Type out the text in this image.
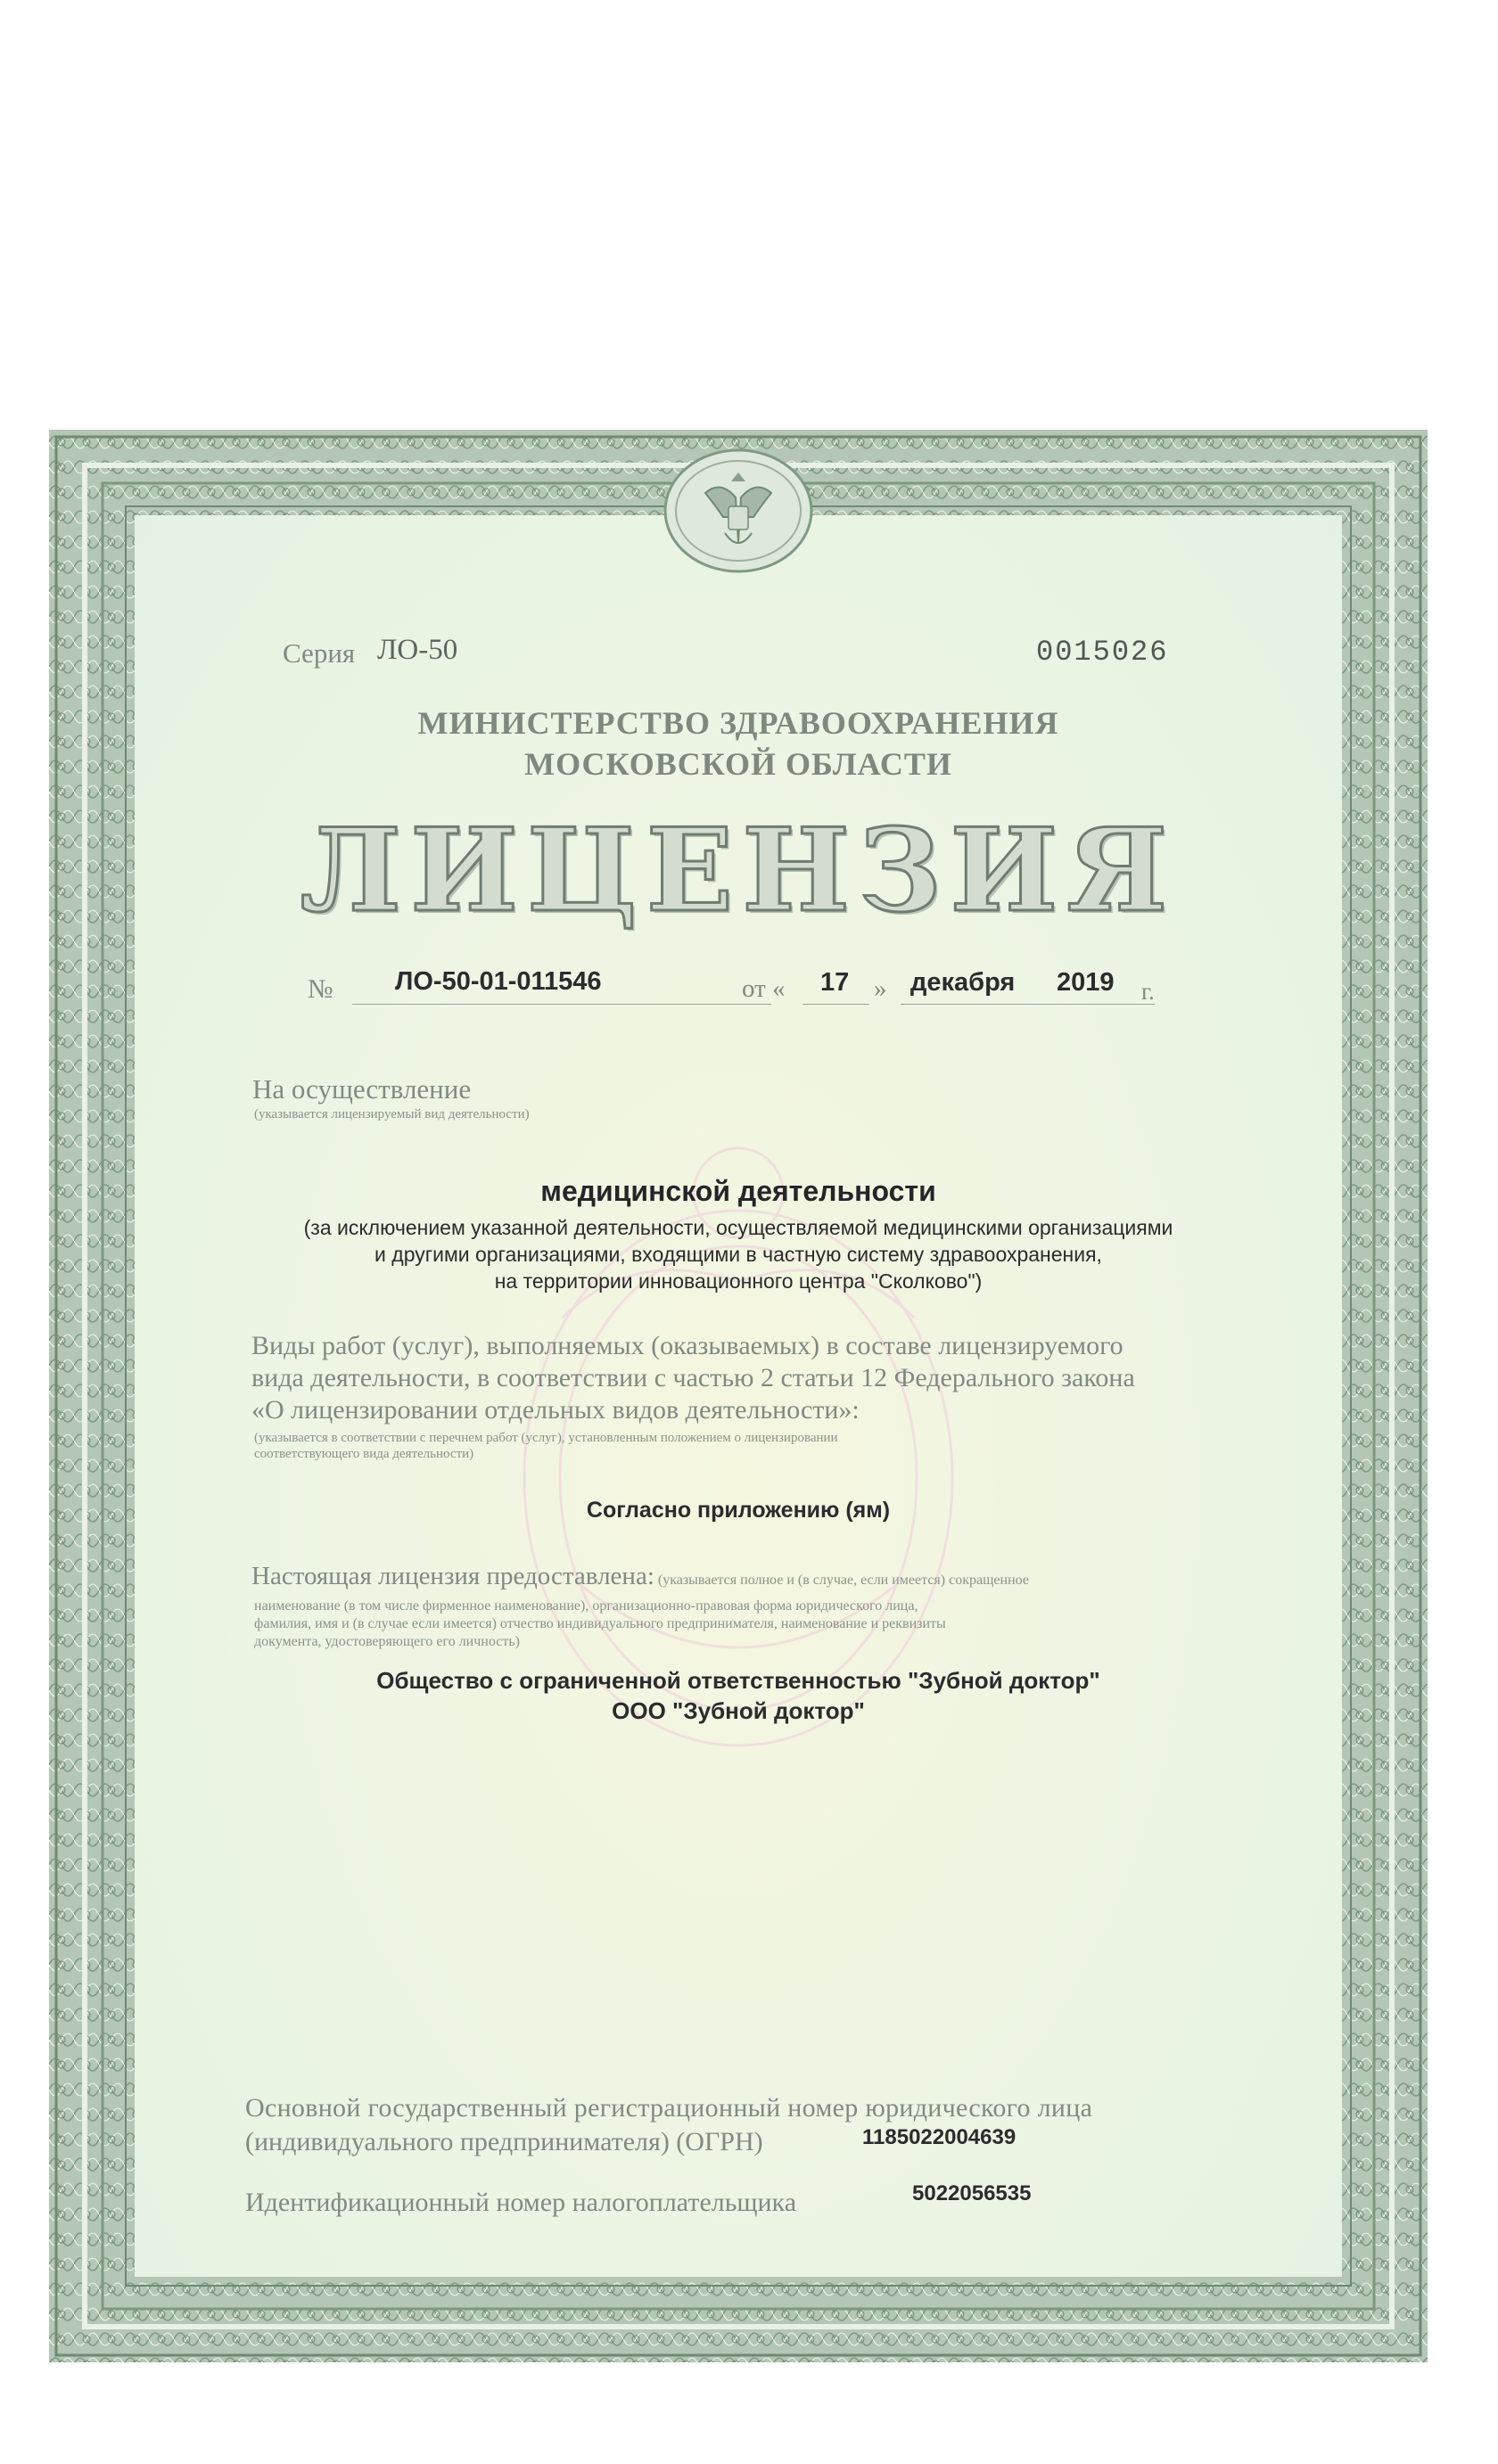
Серия ЛО-50	0015026
МИНИСТЕРСТВО ЗДРАВООХРАНЕНИЯ
МОСКОВСКОЙ ОБЛАСТИ
ЛИЦЕНЗИЯ
№ ЛО-50-01-011546	от « 17 » декабря 2019 г.
На осуществление
(указывается лицензируемый вид деятельности)
медицинской деятельности
(за исключением указанной деятельности, осуществляемой медицинскими организациями
и другими организациями, входящими в частную систему здравоохранения,
на территории инновационного центра "Сколково")
Виды работ (услуг), выполняемых (оказываемых) в составе лицензируемого
вида деятельности, в соответствии с частью 2 статьи 12 Федерального закона
«О лицензировании отдельных видов деятельности»:
(указывается в соответствии с перечнем работ (услуг), установленным положением о лицензировании
соответствующего вида деятельности)
Согласно приложению (ям)
Настоящая лицензия предоставлена: (указывается полное и (в случае, если имеется) сокращенное
наименование (в том числе фирменное наименование), организационно-правовая форма юридического лица,
фамилия, имя и (в случае если имеется) отчество индивидуального предпринимателя, наименование и реквизиты
документа, удостоверяющего его личность)
Общество с ограниченной ответственностью "Зубной доктор"
ООО "Зубной доктор"
Основной государственный регистрационный номер юридического лица
(индивидуального предпринимателя) (ОГРН)	1185022004639
Идентификационный номер налогоплательщика	5022056535
